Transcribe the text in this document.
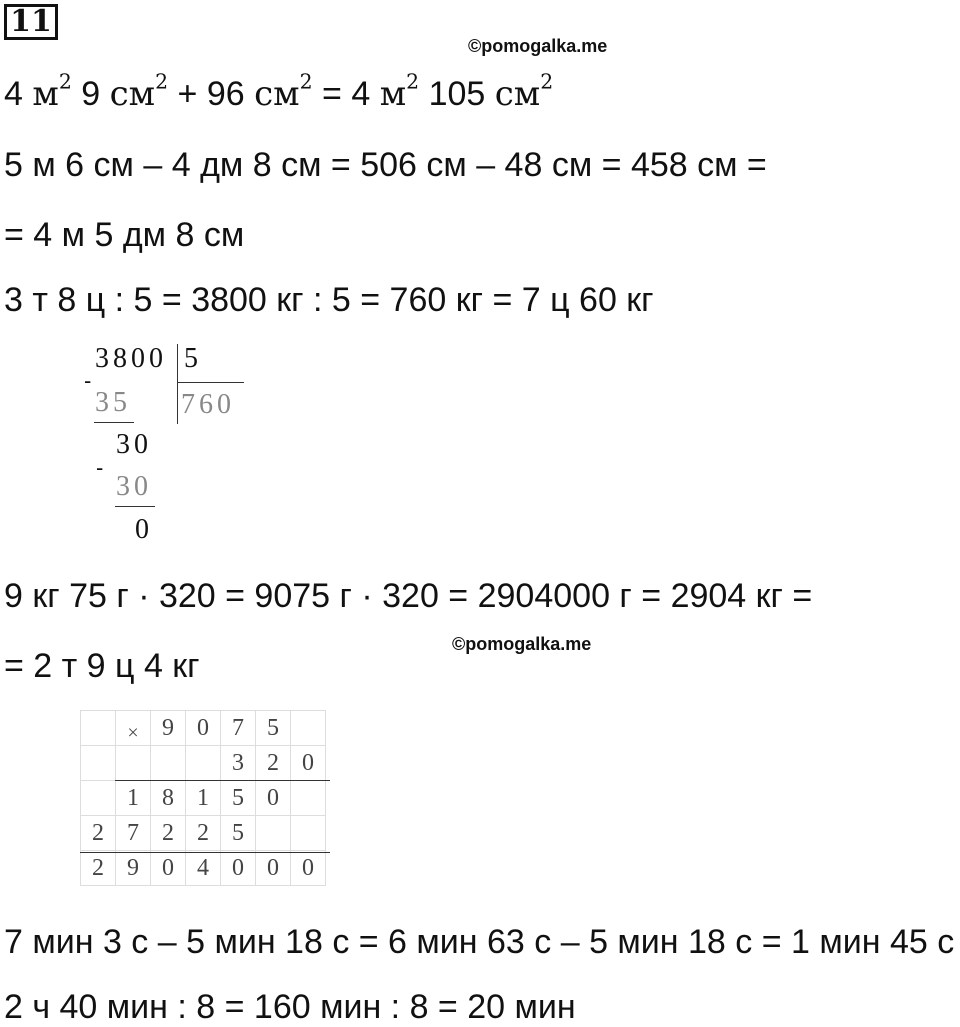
11
©pomogalka.me
4 $м^2$ 9 $см^2 + 96$ $см^2 = 4$ $м^2$ 105 $см^2$
5 м 6 см – 4 дм 8 см = 506 см – 48 см = 458 см =
= 4 м 5 дм 8 см
3 т 8 ц : 5 = 3800 кг : 5 = 760 кг = 7 ц 60 кг
3800 5
760
-
35
30
-
30
0
9 кг 75 г · 320 = 9075 г · 320 = 2904000 г = 2904 кг =
©pomogalka.me
= 2 т 9 ц 4 кг
	×	9	0	7	5	
				3	2	0
	1	8	1	5	0	
2	7	2	2	5		
2	9	0	4	0	0	0
7 мин 3 с – 5 мин 18 с = 6 мин 63 с – 5 мин 18 с = 1 мин 45 с
2 ч 40 мин : 8 = 160 мин : 8 = 20 мин
